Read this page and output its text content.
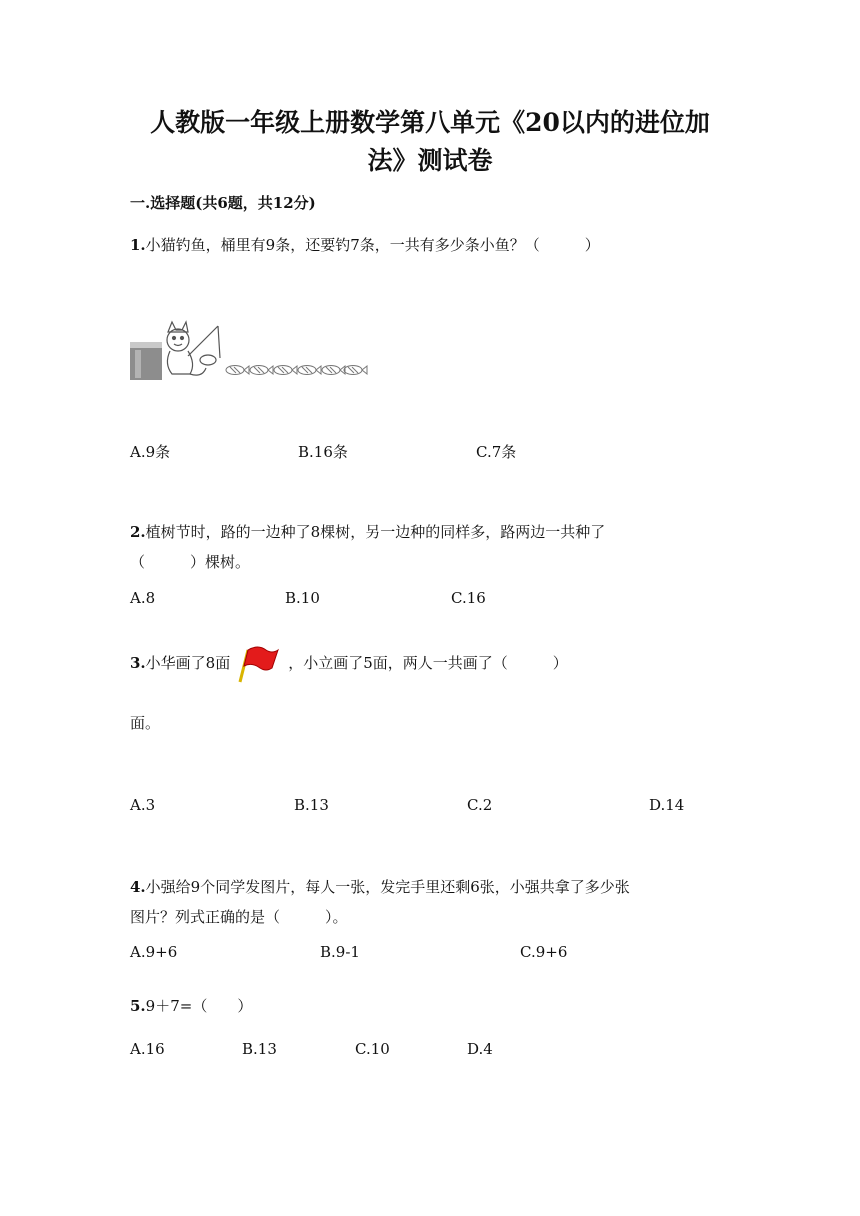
人教版一年级上册数学第八单元《20以内的进位加
法》测试卷
一.选择题(共6题，共12分)
1.小猫钓鱼，桶里有9条，还要钓7条，一共有多少条小鱼？（　　　）
A.9条	B.16条	C.7条
2.植树节时，路的一边种了8棵树，另一边种的同样多，路两边一共种了
（　　　）棵树。
A.8	B.10	C.16
3.小华画了8面	，小立画了5面，两人一共画了（　　　）
面。
A.3	B.13	C.2	D.14
4.小强给9个同学发图片，每人一张，发完手里还剩6张，小强共拿了多少张
图片？列式正确的是（　　　）。
A.9+6	B.9-1	C.9+6
5.9＋7=（　　）
A.16	B.13	C.10	D.4
